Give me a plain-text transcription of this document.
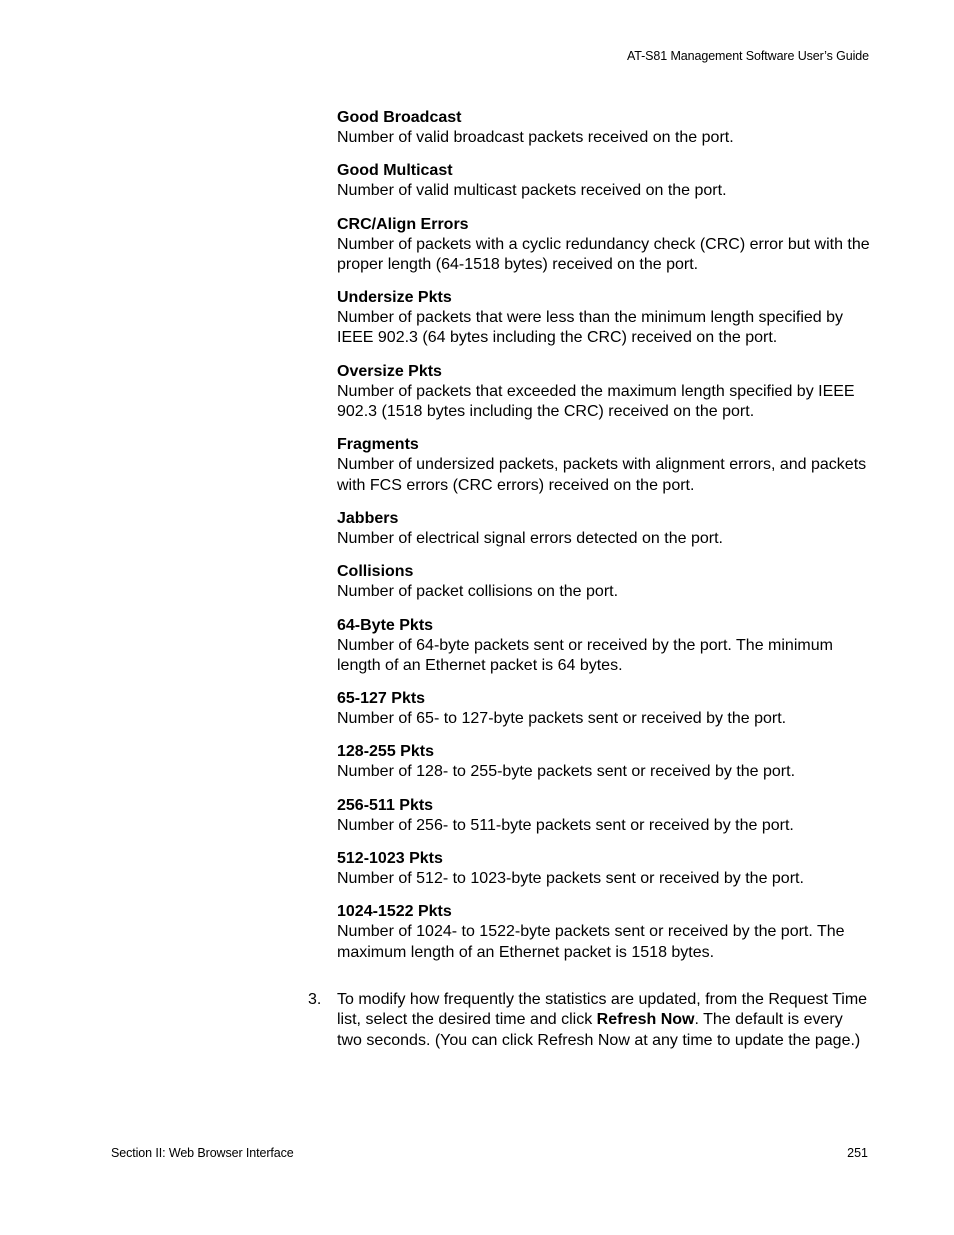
AT-S81 Management Software User’s Guide
Good Broadcast
Number of valid broadcast packets received on the port.
Good Multicast
Number of valid multicast packets received on the port.
CRC/Align Errors
Number of packets with a cyclic redundancy check (CRC) error but with the proper length (64-1518 bytes) received on the port.
Undersize Pkts
Number of packets that were less than the minimum length specified by IEEE 902.3 (64 bytes including the CRC) received on the port.
Oversize Pkts
Number of packets that exceeded the maximum length specified by IEEE 902.3 (1518 bytes including the CRC) received on the port.
Fragments
Number of undersized packets, packets with alignment errors, and packets with FCS errors (CRC errors) received on the port.
Jabbers
Number of electrical signal errors detected on the port.
Collisions
Number of packet collisions on the port.
64-Byte Pkts
Number of 64-byte packets sent or received by the port. The minimum length of an Ethernet packet is 64 bytes.
65-127 Pkts
Number of 65- to 127-byte packets sent or received by the port.
128-255 Pkts
Number of 128- to 255-byte packets sent or received by the port.
256-511 Pkts
Number of 256- to 511-byte packets sent or received by the port.
512-1023 Pkts
Number of 512- to 1023-byte packets sent or received by the port.
1024-1522 Pkts
Number of 1024- to 1522-byte packets sent or received by the port. The maximum length of an Ethernet packet is 1518 bytes.
3. To modify how frequently the statistics are updated, from the Request Time list, select the desired time and click Refresh Now. The default is every two seconds. (You can click Refresh Now at any time to update the page.)
Section II: Web Browser Interface	251
